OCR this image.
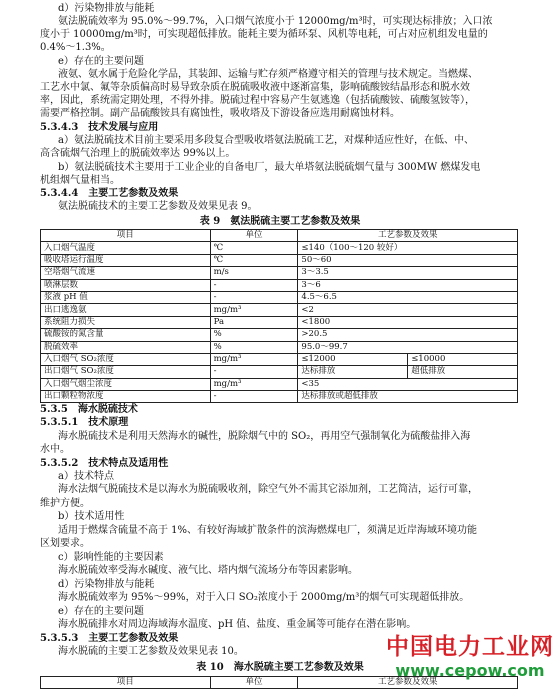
d）污染物排放与能耗
氨法脱硫效率为 95.0%～99.7%，入口烟气浓度小于 12000mg/m³时，可实现达标排放；入口浓
度小于 10000mg/m³时，可实现超低排放。能耗主要为循环泵、风机等电耗，可占对应机组发电量的
0.4%～1.3%。
e）存在的主要问题
液氨、氨水属于危险化学品，其装卸、运输与贮存须严格遵守相关的管理与技术规定。当燃煤、
工艺水中氯、氟等杂质偏高时易导致杂质在脱硫吸收液中逐渐富集，影响硫酸铵结晶形态和脱水效
率，因此，系统需定期处理，不得外排。脱硫过程中容易产生氨逃逸（包括硫酸铵、硫酸氢铵等），
需要严格控制。副产品硫酸铵具有腐蚀性，吸收塔及下游设备应选用耐腐蚀材料。
5.3.4.3　技术发展与应用
a）氨法脱硫技术目前主要采用多段复合型吸收塔氨法脱硫工艺，对煤种适应性好，在低、中、
高含硫烟气治理上的脱硫效率达 99%以上。
b）氨法脱硫技术主要用于工业企业的自备电厂，最大单塔氨法脱硫烟气量与 300MW 燃煤发电
机组烟气量相当。
5.3.4.4　主要工艺参数及效果
氨法脱硫技术的主要工艺参数及效果见表 9。
表 9　氨法脱硫主要工艺参数及效果
项目	单位	工艺参数及效果	
入口烟气温度	℃	≤140（100～120 较好）	
吸收塔运行温度	℃	50～60	
空塔烟气流速	m/s	3～3.5	
喷淋层数	-	3～6	
浆液 pH 值	-	4.5～6.5	
出口逃逸氨	mg/m³	<2	
系统阻力损失	Pa	<1800	
硫酸铵的氮含量	%	>20.5	
脱硫效率	%	95.0～99.7	
入口烟气 SO₂浓度	mg/m³	≤12000	≤10000
出口烟气 SO₂浓度	-	达标排放	超低排放
入口烟气烟尘浓度	mg/m³	<35	
出口颗粒物浓度	-	达标排放或超低排放	
5.3.5　海水脱硫技术
5.3.5.1　技术原理
海水脱硫技术是利用天然海水的碱性，脱除烟气中的 SO₂，再用空气强制氧化为硫酸盐排入海
水中。
5.3.5.2　技术特点及适用性
a）技术特点
海水法烟气脱硫技术是以海水为脱硫吸收剂，除空气外不需其它添加剂，工艺简洁，运行可靠，
维护方便。
b）技术适用性
适用于燃煤含硫量不高于 1%、有较好海域扩散条件的滨海燃煤电厂，须满足近岸海域环境功能
区划要求。
c）影响性能的主要因素
海水脱硫效率受海水碱度、液气比、塔内烟气流场分布等因素影响。
d）污染物排放与能耗
海水脱硫效率为 95%～99%，对于入口 SO₂浓度小于 2000mg/m³的烟气可实现超低排放。
e）存在的主要问题
海水脱硫排水对周边海域海水温度、pH 值、盐度、重金属等可能存在潜在影响。
5.3.5.3　主要工艺参数及效果
海水脱硫的主要工艺参数及效果见表 10。
表 10　海水脱硫主要工艺参数及效果
项目	单位	工艺参数及效果
中国电力工业网
www.cepow.com
